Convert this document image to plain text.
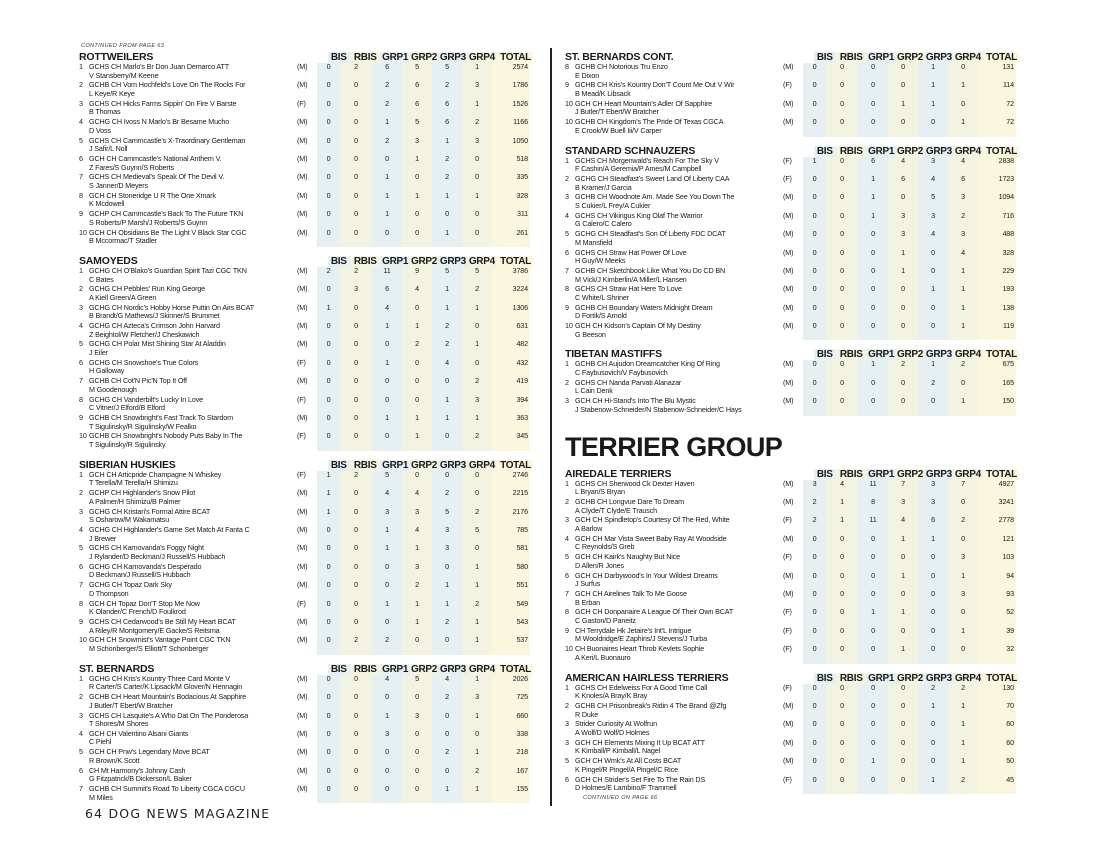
CONTINUED FROM PAGE 63
ROTTWEILERS	BIS RBIS GRP1 GRP2 GRP3 GRP4 TOTAL
1 GCHS CH Marlo's Br Don Juan Demarco ATT
V Stansberry/M Keene
(M)	0	2	6	5	5	1	2574
2 GCHB CH Vom Hochfeld's Love On The Rocks For
L Keye/R Keye
(M)	0	0	2	6	2	3	1786
3 GCHS CH Hicks Farms Sippin' On Fire V Barste
B Thomas
(F)	0	0	2	6	6	1	1526
4 GCHG CH Ivoss N Marlo's Br Besame Mucho
D Voss
(M)	0	0	1	5	6	2	1166
5 GCHS CH Cammcastle's X-Traordinary Gentleman
J Safir/L Noll
(M)	0	0	2	3	1	3	1050
6 GCH CH Cammcastle's National Anthem V.
Z Fares/S Guynn/S Roberts
(M)	0	0	0	1	2	0	518
7 GCHS CH Medieval's Speak Of The Devil V.
S Janner/D Meyers
(M)	0	0	1	0	2	0	335
8 GCH CH Stoneridge U R The One Xmark
K Mcdowell
(M)	0	0	1	1	1	1	328
9 GCHP CH Cammcastle's Back To The Future TKN
S Roberts/P Marsh/J Roberts/S Guynn
(M)	0	0	1	0	0	0	311
10 GCH CH Obsidians Be The Light V Black Star CGC
B Mccormac/T Stadler
(M)	0	0	0	0	1	0	261
SAMOYEDS	BIS RBIS GRP1 GRP2 GRP3 GRP4 TOTAL
1 GCHG CH O'Blako's Guardian Spirit Tazi CGC TKN
C Bates
(M)	2	2	11	9	5	5	3786
2 GCHG CH Pebbles' Run King George
A Kiell Green/A Green
(M)	0	3	6	4	1	2	3224
3 GCHG CH Nordic's Hobby Horse Puttin On Airs BCAT
B Brandt/G Mathews/J Skinner/S Brummet
(M)	1	0	4	0	1	1	1306
4 GCHG CH Azteca's Crimson John Harvard
Z Beightol/W Fletcher/J Cheskawich
(M)	0	0	1	1	2	0	631
5 GCHG CH Polar Mist Shining Star At Aladdin
J Eiler
(M)	0	0	0	2	2	1	482
6 GCHG CH Snowshoe's True Colors
H Galloway
(F)	0	0	1	0	4	0	432
7 GCHB CH Cot'N Pic'N Top It Off
M Goodenough
(M)	0	0	0	0	0	2	419
8 GCHG CH Vanderbilt's Lucky In Love
C Vitner/J Elford/B Elford
(F)	0	0	0	0	1	3	394
9 GCHB CH Snowbright's Fast Track To Stardom
T Sigulinsky/R Sigulinsky/W Fealko
(M)	0	0	1	1	1	1	363
10 GCHB CH Snowbright's Nobody Puts Baby In The
T Sigulinsky/R Sigulinsky
(F)	0	0	0	1	0	2	345
SIBERIAN HUSKIES	BIS RBIS GRP1 GRP2 GRP3 GRP4 TOTAL
1 GCH CH Articpride Champagne N Whiskey
T Terella/M Terella/H Shimizu
(F)	1	2	5	0	0	0	2746
2 GCHP CH Highlander's Snow Pilot
A Palmer/H Shimizu/B Palmer
(M)	1	0	4	4	2	0	2215
3 GCHG CH Kristari's Formal Attire BCAT
S Osharow/M Wakamatsu
(M)	1	0	3	3	5	2	2176
4 GCHG CH Highlander's Game Set Match At Fanta C
J Brewer
(M)	0	0	1	4	3	5	785
5 GCHS CH Karnovanda's Foggy Night
J Rylander/D Beckman/J Russell/S Hubbach
(M)	0	0	1	1	3	0	581
6 GCHG CH Karnovanda's Desperado
D Beckman/J Russell/S Hubbach
(M)	0	0	0	3	0	1	580
7 GCHG CH Topaz Dark Sky
D Thompson
(M)	0	0	0	2	1	1	551
8 GCH CH Topaz Don'T Stop Me Now
K Olander/C French/D Foulkrod
(F)	0	0	1	1	1	2	549
9 GCHS CH Cedarwood's Be Still My Heart BCAT
A Riley/R Montgomery/E Gacke/S Reitsma
(M)	0	0	0	1	2	1	543
10 GCH CH Snowmist's Vantage Point CGC TKN
M Schonberger/S Elliott/T Schonberger
(M)	0	2	2	0	0	1	537
ST. BERNARDS	BIS RBIS GRP1 GRP2 GRP3 GRP4 TOTAL
1 GCHG CH Kris's Kountry Three Card Monte V
R Carter/S Carter/K Lipsack/M Glover/N Hennagin
(M)	0	0	4	5	4	1	2026
2 GCHB CH Heart Mountain's Bodacious At Sapphire
J Butler/T Ebert/W Bratcher
(M)	0	0	0	0	2	3	725
3 GCHS CH Lasquite's A Who Dat On The Ponderosa
T Shores/M Shores
(M)	0	0	1	3	0	1	660
4 GCH CH Valentino Alsani Giants
C Piehl
(M)	0	0	3	0	0	0	338
5 GCH CH Pnw's Legendary Move BCAT
R Brown/K Scott
(M)	0	0	0	0	2	1	218
6 CH Mt Harmony's Johnny Cash
G Fitzpatrick/B Dickerson/L Baker
(M)	0	0	0	0	0	2	167
7 GCHB CH Summit's Road To Liberty CGCA CGCU
M Miles
(M)	0	0	0	0	1	1	155
ST. BERNARDS CONT.	BIS RBIS GRP1 GRP2 GRP3 GRP4 TOTAL
8 GCHB CH Notorious Tru Enzo
E Dixon
(M)	0	0	0	0	1	0	131
9 GCHB CH Kris's Kountry Don'T Count Me Out V Wir
B Mead/K Libsack
(F)	0	0	0	0	1	1	114
10 GCH CH Heart Mountain's Adler Of Sapphire
J Butler/T Ebert/W Bratcher
(M)	0	0	0	1	1	0	72
10 GCHB CH Kingdom's The Pride Of Texas CGCA
E Crook/W Buell Iii/V Carper
(M)	0	0	0	0	0	1	72
STANDARD SCHNAUZERS	BIS RBIS GRP1 GRP2 GRP3 GRP4 TOTAL
1 GCHS CH Morgenwald's Reach For The Sky V
F Cashin/A Geremia/P Ames/M Campbell
(F)	1	0	6	4	3	4	2838
2 GCHG CH Steadfast's Sweet Land Of Liberty CAA
B Kramer/J Garcia
(F)	0	0	1	6	4	6	1723
3 GCHB CH Woodnote Am. Made See You Down The
S Cukier/L Frey/A Cukier
(M)	0	0	1	0	5	3	1094
4 GCHS CH Vikingus King Olaf The Warrior
G Calero/C Calero
(M)	0	0	1	3	3	2	716
5 GCHG CH Steadfast's Son Of Liberty FDC DCAT
M Mansfield
(M)	0	0	0	3	4	3	488
6 GCHS CH Straw Hat Power Of Love
H Guy/W Meeks
(M)	0	0	0	1	0	4	328
7 GCHB CH Sketchbook Like What You Do CD BN
M Vick/J Kimberlin/A Miller/L Hansen
(M)	0	0	0	1	0	1	229
8 GCHS CH Straw Hat Here To Love
C White/L Shriner
(M)	0	0	0	0	1	1	193
9 GCHB CH Boundary Waters Midnight Dream
D Fortik/S Arnold
(M)	0	0	0	0	0	1	138
10 GCH CH Kidson's Captain Of My Destiny
G Beeson
(M)	0	0	0	0	0	1	119
TIBETAN MASTIFFS	BIS RBIS GRP1 GRP2 GRP3 GRP4 TOTAL
1 GCHB CH Aujudon Dreamcatcher King Of Ring
C Faybusovich/V Faybusovich
(M)	0	0	1	2	1	2	675
2 GCHS CH Nanda Parvati Alanazar
L Cain Denk
(M)	0	0	0	0	2	0	165
3 GCH CH Hi-Stand's Into The Blu Mystic
J Stabenow-Schneider/N Stabenow-Schneider/C Hays
(M)	0	0	0	0	0	1	150
TERRIER GROUP
AIREDALE TERRIERS	BIS RBIS GRP1 GRP2 GRP3 GRP4 TOTAL
1 GCHS CH Sherwood Ck Dexter Haven
L Bryan/S Bryan
(M)	3	4	11	7	3	7	4927
2 GCHB CH Longvue Dare To Dream
A Clyde/T Clyde/E Trausch
(M)	2	1	8	3	3	0	3241
3 GCH CH Spindletop's Courtesy Of The Red, White
A Barlow
(F)	2	1	11	4	6	2	2778
4 GCH CH Mar Vista Sweet Baby Ray At Woodside
C Reynolds/S Greb
(M)	0	0	0	1	1	0	121
5 GCH CH Kairk's Naughty But Nice
D Allen/R Jones
(F)	0	0	0	0	0	3	103
6 GCH CH Darbywood's In Your Wildest Dreams
J Surfus
(M)	0	0	0	1	0	1	94
7 GCH CH Airelines Talk To Me Goose
B Erban
(M)	0	0	0	0	0	3	93
8 GCH CH Donpanaire A League Of Their Own BCAT
C Gaston/D Paneitz
(F)	0	0	1	1	0	0	52
9 CH Terrydale Hk Jetaire's Int'L Intrigue
M Wooldridge/E Zaphiris/J Stevens/J Turba
(F)	0	0	0	0	0	1	39
10 CH Buonaires Heart Throb Kevlets Sophie
A Keri/L Buonauro
(F)	0	0	0	1	0	0	32
AMERICAN HAIRLESS TERRIERS	BIS RBIS GRP1 GRP2 GRP3 GRP4 TOTAL
1 GCHS CH Edelweiss For A Good Time Call
K Knoles/A Bray/K Bray
(F)	0	0	0	0	2	2	130
2 GCHB CH Prisonbreak's Ridin 4 The Brand @Zfg
R Duke
(M)	0	0	0	0	1	1	70
3 Strider Curiosity At Wolfrun
A Wolf/D Wolf/D Holmes
(M)	0	0	0	0	0	1	60
3 GCH CH Elements Mixing It Up BCAT ATT
K Kimball/P Kimball/L Nagel
(M)	0	0	0	0	0	1	60
5 GCH CH Wmk's At All Costs BCAT
K Pingel/R Pingel/A Pingel/C Rice
(M)	0	0	1	0	0	1	50
6 GCH CH Strider's Set Fire To The Rain DS
D Holmes/E Lambino/F Trammell
(F)	0	0	0	0	1	2	45
CONTINUED ON PAGE 66
64 DOG NEWS MAGAZINE
